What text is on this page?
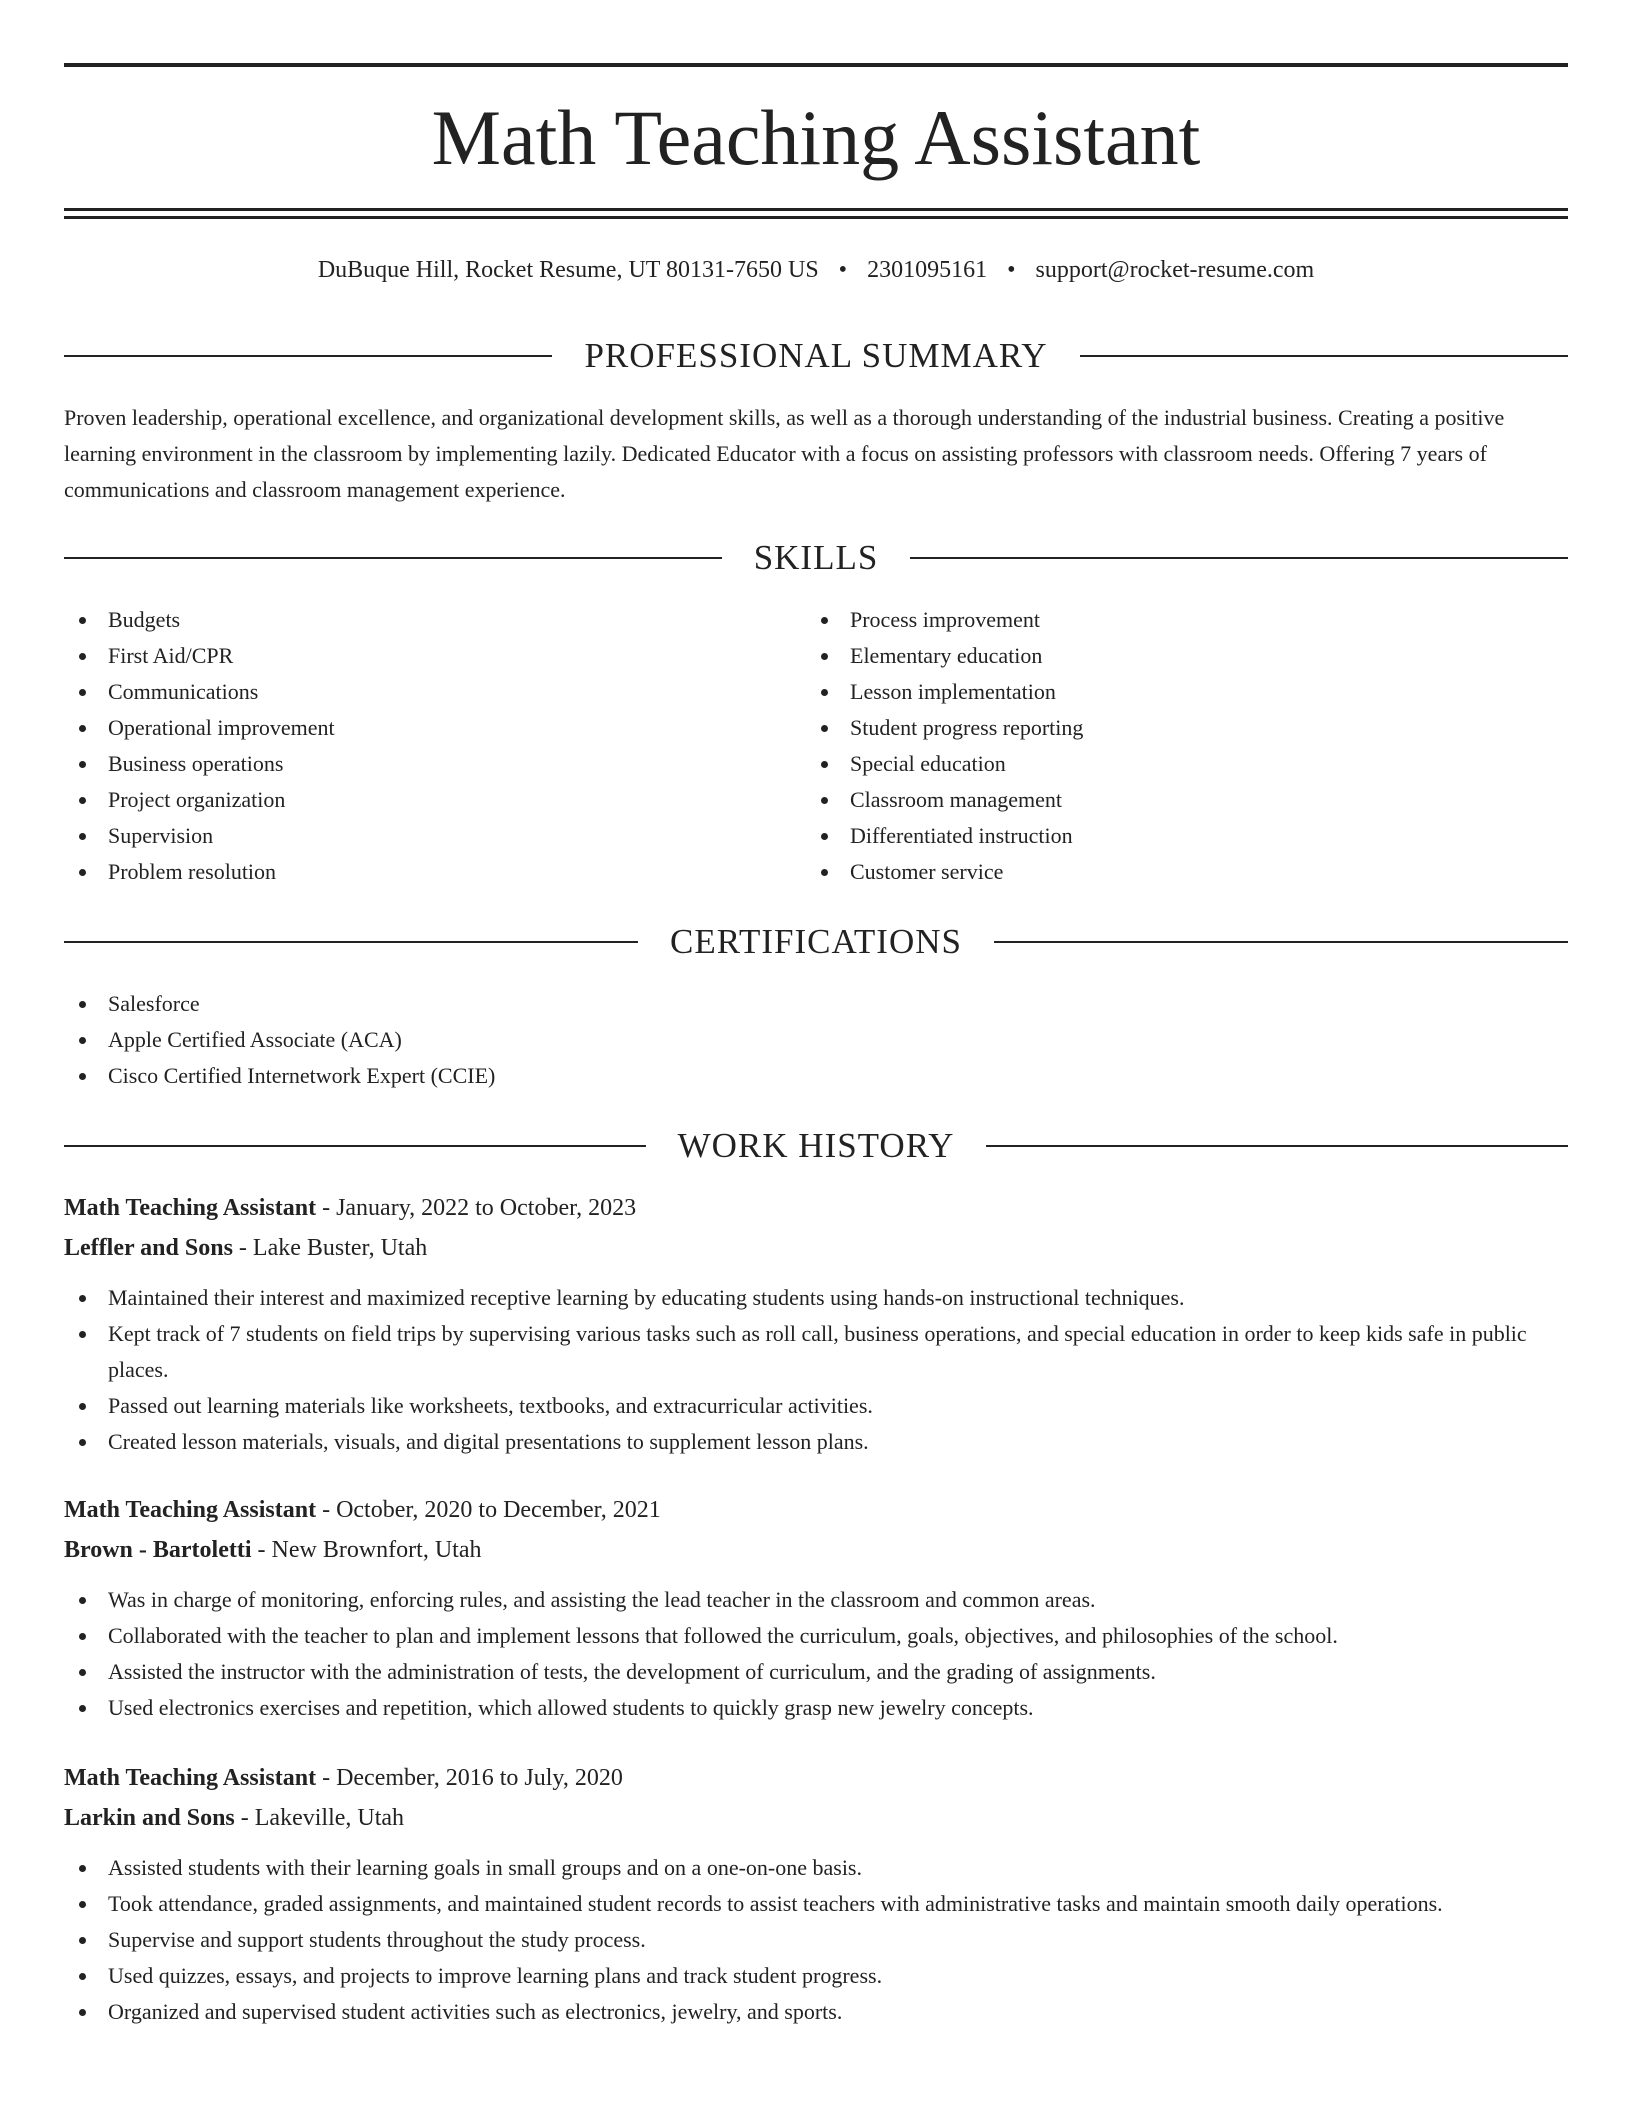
Math Teaching Assistant
DuBuque Hill, Rocket Resume, UT 80131-7650 US • 2301095161 • support@rocket-resume.com
PROFESSIONAL SUMMARY

Proven leadership, operational excellence, and organizational development skills, as well as a thorough understanding of the industrial business. Creating a positive learning environment in the classroom by implementing lazily. Dedicated Educator with a focus on assisting professors with classroom needs. Offering 7 years of communications and classroom management experience.

SKILLS
Budgets
First Aid/CPR
Communications
Operational improvement
Business operations
Project organization
Supervision
Problem resolution
Process improvement
Elementary education
Lesson implementation
Student progress reporting
Special education
Classroom management
Differentiated instruction
Customer service
CERTIFICATIONS
Salesforce
Apple Certified Associate (ACA)
Cisco Certified Internetwork Expert (CCIE)
WORK HISTORY
Math Teaching Assistant - January, 2022 to October, 2023
Leffler and Sons - Lake Buster, Utah
Maintained their interest and maximized receptive learning by educating students using hands-on instructional techniques.
Kept track of 7 students on field trips by supervising various tasks such as roll call, business operations, and special education in order to keep kids safe in public places.
Passed out learning materials like worksheets, textbooks, and extracurricular activities.
Created lesson materials, visuals, and digital presentations to supplement lesson plans.
Math Teaching Assistant - October, 2020 to December, 2021
Brown - Bartoletti - New Brownfort, Utah
Was in charge of monitoring, enforcing rules, and assisting the lead teacher in the classroom and common areas.
Collaborated with the teacher to plan and implement lessons that followed the curriculum, goals, objectives, and philosophies of the school.
Assisted the instructor with the administration of tests, the development of curriculum, and the grading of assignments.
Used electronics exercises and repetition, which allowed students to quickly grasp new jewelry concepts.
Math Teaching Assistant - December, 2016 to July, 2020
Larkin and Sons - Lakeville, Utah
Assisted students with their learning goals in small groups and on a one-on-one basis.
Took attendance, graded assignments, and maintained student records to assist teachers with administrative tasks and maintain smooth daily operations.
Supervise and support students throughout the study process.
Used quizzes, essays, and projects to improve learning plans and track student progress.
Organized and supervised student activities such as electronics, jewelry, and sports.
